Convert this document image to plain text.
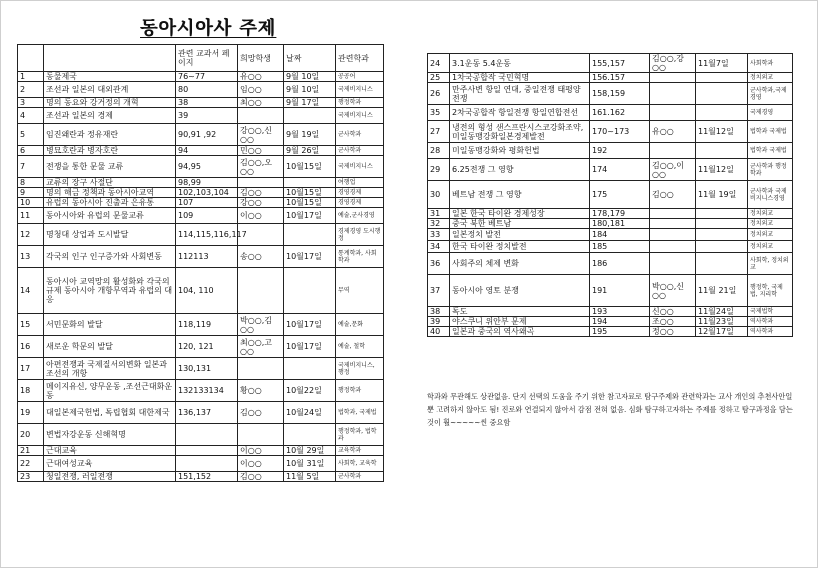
동아시아사 주제
		관련 교과서 페이지	희망학생	날짜	관련학과
1	동물제국	76~77	유○○	9월 10일	공공어
2	조선과 일본의 대외관계	80	임○○	9월 10일	국제비지니스
3	명의 동요와 강거정의 개혁	38	최○○	9월 17일	행정학과
4	조선과 일본의 경제	39			국제비지니스
5	임진왜란과 정유재란	90,91 ,92	강○○,신○○	9월 19일	군사학과
6	병묘호란과 병자호란	94	민○○	9월 26일	군사학과
7	전쟁을 통한 문물 교류	94,95	김○○,오○○	10월15일	국제비지니스
8	교류의 장구 사절단	98,99			여행업
9	명의 해금 정책과 동아시아교역	102,103,104	김○○	10월15일	경영경제
10	유럽의 동아시아 진출과 은유통	107	강○○	10월15일	경영경제
11	동아시아와 유럽의 문물교류	109	이○○	10월17일	예술,군사경영
12	명청대 상업과 도시발달	114,115,116,117			경제경영 도시행정
13	각국의 인구 인구증가와 사회변동	112113	송○○	10월17일	통계학과, 사회학과
14	동아시아 교역망의 활성화와 각국의 규제 동아시아 개항무역과 유럽의 대응	104, 110			무역
15	서민문화의 발달	118,119	박○○,김○○	10월17일	예술,문화
16	새로운 학문의 발달	120, 121	최○○,고○○	10월17일	예술, 철학
17	아편전쟁과 국제질서의변화 일본과 조선의 개항	130,131			국제비지니스, 행정
18	메이지유신, 양무운동 ,조선근대화운동	132133134	황○○	10월22일	행정학과
19	대일본제국헌법, 독립협회 대한제국	136,137	김○○	10월24일	법학과, 국제법
20	변법자강운동 신해혁명				행정학과, 법학과
21	근대교육		이○○	10월 29일	교육학과
22	근대여성교육		이○○	10월 31일	사회학, 교육학
23	청일전쟁, 러일전쟁	151,152	김○○	11월 5일	군사학과
24	3.1운동 5.4운동	155,157	김○○,강○○	11월7일	사회학과
25	1차국공합작 국민혁명	156.157			정치외교
26	만주사변 항일 연대, 중일전쟁 태평양전쟁	158,159			군사학과,국제경영
35	2차국공합작 항일전쟁 항일연합전선	161.162			국제경영
27	냉전의 형성 샌스프란시스코강화조약, 미일동맹강화일본경제발전	170~173	유○○	11월12일	법학과 국제법
28	미일동맹강화와 평화헌법	192			법학과 국제법
29	6.25전쟁 그 영향	174	김○○,이○○	11월12일	군사학과 행정학과
30	베트남 전쟁 그 영향	175	김○○	11월 19일	군사학과 국제비지니스경영
31	일본 한국 타이완 경제성장	178,179			정치외교
32	중국 북한 베트남	180,181			정치외교
33	일본정치 발전	184			정치외교
34	한국 타이완 정치발전	185			정치외교
36	사회주의 체제 변화	186			사회학, 정치외교
37	동아시아 영토 분쟁	191	박○○,신○○	11월 21일	행정학, 국제법, 지리학
38	독도	193	신○○	11월24일	국제법학
39	야스쿠니 위안부 문제	194	조○○	11월23일	역사학과
40	일본과 중국의 역사왜곡	195	정○○	12월17일	역사학과
학과와 무관해도 상관없음. 단지 선택의 도움을 주기 위한 참고자료로 탐구주제와 관련학과는 교사 개인의 추천사안일뿐 고려하지 않아도 됨! 진로와 연결되지 않아서 감점 전혀 없음. 심화 탐구하고자하는 주제를 정하고 탐구과정을 담는 것이 훨~~~~~씬 중요함
